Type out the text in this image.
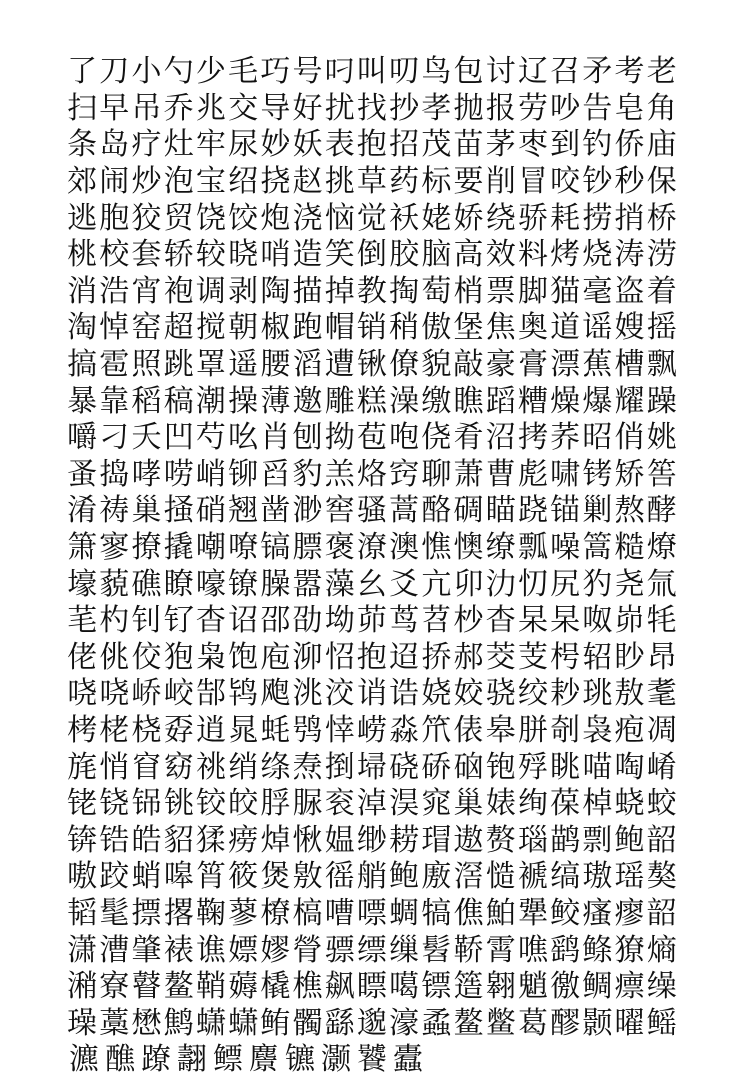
了 刀 小 勺 少 毛 巧 号 叼 叫 叨 鸟 包 讨 辽 召 矛 考 老
扫 早 吊 乔 兆 交 导 好 扰 找 抄 孝 抛 报 劳 吵 告 皂 角
条 岛 疗 灶 牢 尿 妙 妖 表 抱 招 茂 苗 茅 枣 到 钓 侨 庙
郊 闹 炒 泡 宝 绍 挠 赵 挑 草 药 标 要 削 冒 咬 钞 秒 保
逃 胞 狡 贸 饶 饺 炮 浇 恼 觉 袄 姥 娇 绕 骄 耗 捞 捎 桥
桃 校 套 轿 较 晓 哨 造 笑 倒 胶 脑 高 效 料 烤 烧 涛 涝
消 浩 宵 袍 调 剥 陶 描 掉 教 掏 萄 梢 票 脚 猫 毫 盗 着
淘 悼 窑 超 搅 朝 椒 跑 帽 销 稍 傲 堡 焦 奥 道 谣 嫂 摇
搞 雹 照 跳 罩 遥 腰 滔 遭 锹 僚 貌 敲 豪 膏 漂 蕉 槽 飘
暴 靠 稻 稿 潮 操 薄 邀 雕 糕 澡 缴 瞧 蹈 糟 燥 爆 耀 躁
嚼 刁 夭 凹 芍 吆 肖 刨 拗 苞 咆 侥 肴 沼 拷 荞 昭 俏 姚
蚤 捣 哮 唠 峭 铆 舀 豹 羔 烙 窍 聊 萧 曹 彪 啸 铐 矫 筶
淆 祷 巢 掻 硝 翘 凿 渺 窖 骚 蒿 酪 碉 瞄 跷 锚 剿 熬 酵
箫 寥 撩 撬 嘲 嘹 镐 膘 褒 潦 澳 憔 懊 缭 瓢 噪 篙 糙 燎
壕 藐 礁 瞭 嚎 镣 臊 嚣 藻 幺 爻 亢 卯 氻 忉 尻 犳 尧 氚
芼 杓 钊 钌 杳 诏 邵 劭 坳 茆 茑 苕 杪 杳 杲 杲 呶 峁 牦
佬 佻 佼 狍 枭 饱 庖 泖 怊 抱 迢 挢 郝 茭 芰 枵 轺 眇 昂
哓 哓 峤 峧 郜 鸨 飑 洮 洨 诮 诰 娆 姣 骁 绞 耖 珧 敖 耄
栲 栳 桡 孬 逍 晁 蚝 鸮 悻 崂 淼 笊 俵 皋 胼 剞 袅 疱 凋
旄 悄 窅 窈 祧 绡 绦 焘 捯 埽 硗 硚 硇 铇 殍 眺 喵 啕 崤
铑 铙 铞 铫 铰 皎 脬 脲 衮 淖 淏 窕 巢 婊 绚 葆 棹 蛲 蛟
锛 锆 皓 貂 猱 痨 焯 愀 媪 缈 耢 瑁 遨 赘 瑙 鹋 剽 鲍 韶
嗷 跤 蛸 嗥 筲 筱 煲 敫 徭 艄 鲍 廒 滘 慥 褫 缟 璈 瑶 獒
韬 髦 摽 撂 鞠 蓼 橑 槁 嘈 嘌 蜩 犒 僬 鮊 犟 鲛 瘙 瘳 韶
潇 漕 肇 裱 谯 嫖 嫪 膋 骠 缥 缫 髫 鞒 霄 噍 鹞 鲦 獠 熵
潲 寮 瞽 鳌 鞘 薅 橇 樵 飙 瞟 噶 镖 簉 翱 魈 徼 鲷 瘭 缲
璪 藁 懋 鹪 蟏 蟏 鲔 髑 繇 邈 濠 蟊 鳌 鳖 葛 醪 颢 曜 鳐
瀌 醮 蹽 翿 鳔 麖 镳 灏 饕 蠹
